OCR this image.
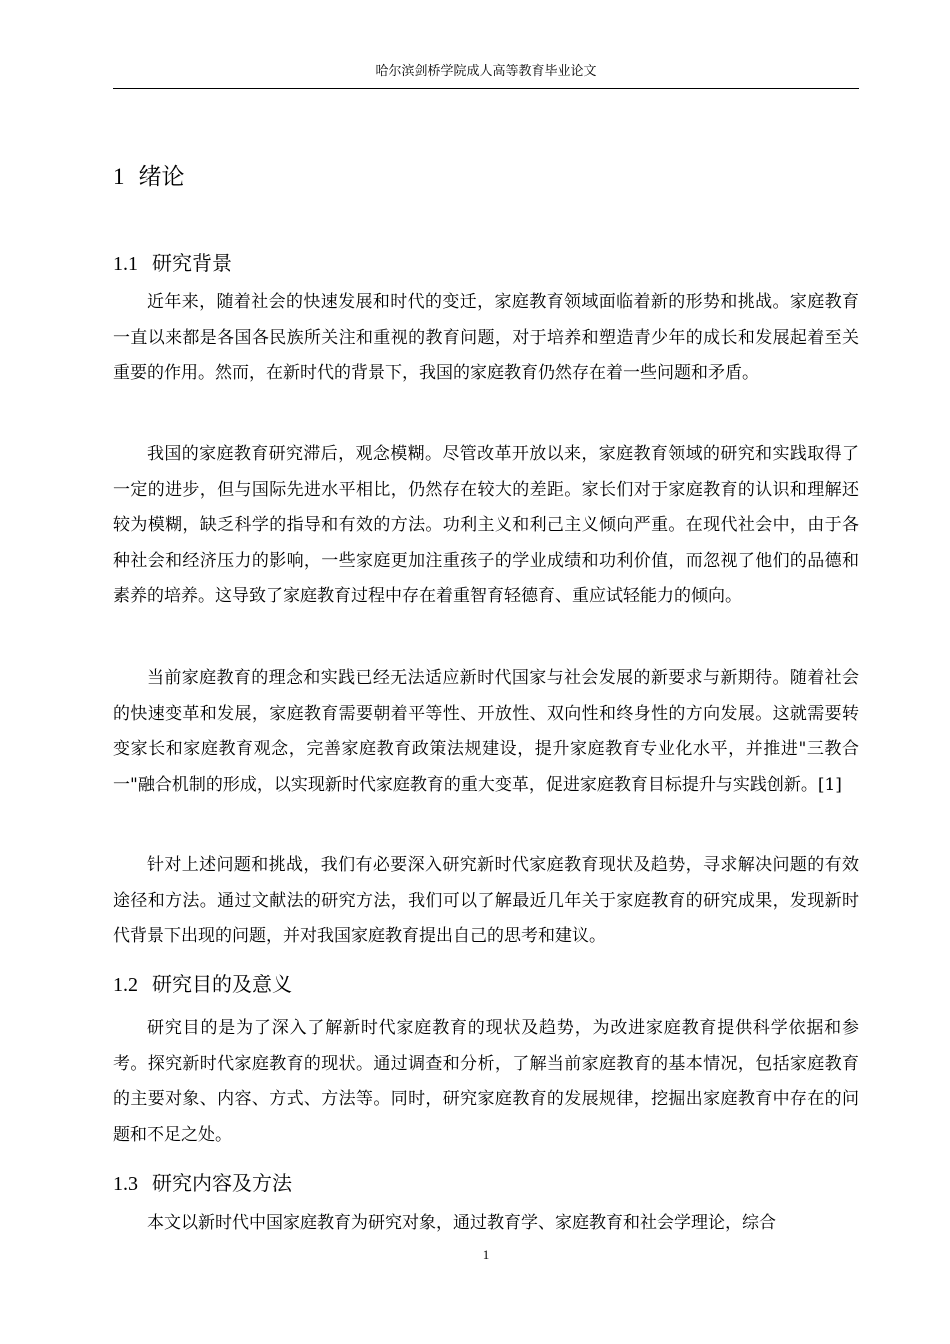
哈尔滨剑桥学院成人高等教育毕业论文
1 绪论
1.1 研究背景

近年来，随着社会的快速发展和时代的变迁，家庭教育领域面临着新的形势和挑战。家庭教育一直以来都是各国各民族所关注和重视的教育问题，对于培养和塑造青少年的成长和发展起着至关重要的作用。然而，在新时代的背景下，我国的家庭教育仍然存在着一些问题和矛盾。

我国的家庭教育研究滞后，观念模糊。尽管改革开放以来，家庭教育领域的研究和实践取得了一定的进步，但与国际先进水平相比，仍然存在较大的差距。家长们对于家庭教育的认识和理解还较为模糊，缺乏科学的指导和有效的方法。功利主义和利己主义倾向严重。在现代社会中，由于各种社会和经济压力的影响，一些家庭更加注重孩子的学业成绩和功利价值，而忽视了他们的品德和素养的培养。这导致了家庭教育过程中存在着重智育轻德育、重应试轻能力的倾向。

当前家庭教育的理念和实践已经无法适应新时代国家与社会发展的新要求与新期待。随着社会的快速变革和发展，家庭教育需要朝着平等性、开放性、双向性和终身性的方向发展。这就需要转变家长和家庭教育观念，完善家庭教育政策法规建设，提升家庭教育专业化水平，并推进"三教合一"融合机制的形成，以实现新时代家庭教育的重大变革，促进家庭教育目标提升与实践创新。[1]

针对上述问题和挑战，我们有必要深入研究新时代家庭教育现状及趋势，寻求解决问题的有效途径和方法。通过文献法的研究方法，我们可以了解最近几年关于家庭教育的研究成果，发现新时代背景下出现的问题，并对我国家庭教育提出自己的思考和建议。

1.2 研究目的及意义

研究目的是为了深入了解新时代家庭教育的现状及趋势，为改进家庭教育提供科学依据和参考。探究新时代家庭教育的现状。通过调查和分析，了解当前家庭教育的基本情况，包括家庭教育的主要对象、内容、方式、方法等。同时，研究家庭教育的发展规律，挖掘出家庭教育中存在的问题和不足之处。

1.3 研究内容及方法

本文以新时代中国家庭教育为研究对象，通过教育学、家庭教育和社会学理论，综合

1
